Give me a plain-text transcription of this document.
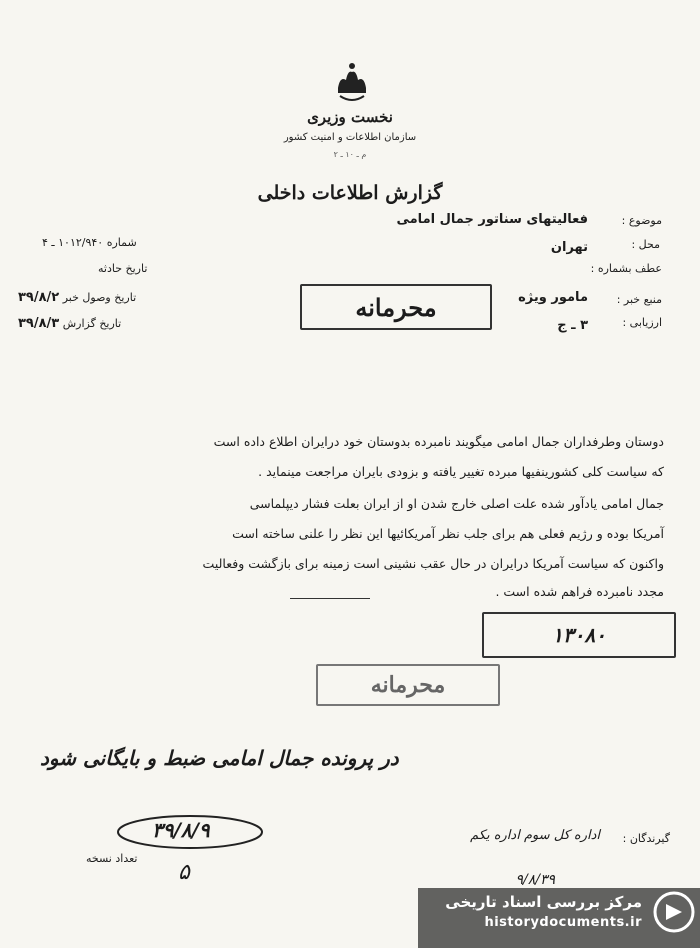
نخست وزیری
سازمان اطلاعات و امنیت کشور
م ـ ۱۰ ـ ۲
گزارش اطلاعات داخلی
موضوع :
فعالیتهای سناتور جمال امامی
محل :
تهران
عطف بشماره :
منبع خبر :
مامور ویژه
ارزیابی :
۳ ـ ج
شماره ۱۰۱۲/۹۴۰ ـ ۴
تاریخ حادثه
تاریخ وصول خبر ۳۹/۸/۲
تاریخ گزارش ۳۹/۸/۳
محرمانه
دوستان وطرفداران جمال امامی میگویند نامبرده بدوستان خود درایران اطلاع داده است
که سیاست کلی کشورینفیها مبرده تغییر یافته و بزودی بایران مراجعت مینماید .
جمال امامی یادآور شده علت اصلی خارج شدن او از ایران بعلت فشار دیپلماسی
آمریکا بوده و رژیم فعلی هم برای جلب نظر آمریکائیها این نظر را علنی ساخته است
واکنون که سیاست آمریکا درایران در حال عقب نشینی است زمینه برای بازگشت وفعالیت
مجدد نامبرده فراهم شده است .
۱۳۰۸۰
محرمانه
در پرونده جمال امامی ضبط و بایگانی شود
۳۹/۸/۹
تعداد نسخه
۵
گیرندگان :
اداره کل سوم اداره یکم
۹/۸/۳۹
مرکز بررسی اسناد تاریخی
historydocuments.ir
